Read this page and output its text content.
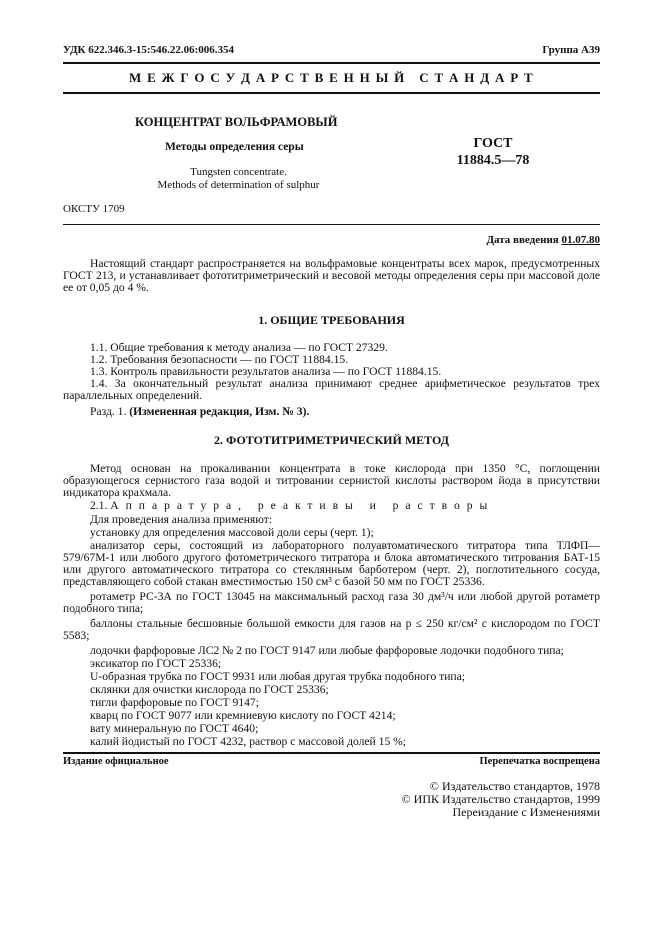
УДК 622.346.3-15:546.22.06:006.354	Группа А39
М Е Ж Г О С У Д А Р С Т В Е Н Н Ы Й   С Т А Н Д А Р Т
КОНЦЕНТРАТ ВОЛЬФРАМОВЫЙ
Методы определения серы
Tungsten concentrate.
Methods of determination of sulphur
ГОСТ
11884.5—78
ОКСТУ 1709
Дата введения 01.07.80
Настоящий стандарт распространяется на вольфрамовые концентраты всех марок, предусмотренных ГОСТ 213, и устанавливает фототитриметрический и весовой методы определения серы при массовой доле ее от 0,05 до 4 %.
1. ОБЩИЕ ТРЕБОВАНИЯ
1.1. Общие требования к методу анализа — по ГОСТ 27329.
1.2. Требования безопасности — по ГОСТ 11884.15.
1.3. Контроль правильности результатов анализа — по ГОСТ 11884.15.
1.4. За окончательный результат анализа принимают среднее арифметическое результатов трех параллельных определений.
Разд. 1. (Измененная редакция, Изм. № 3).
2. ФОТОТИТРИМЕТРИЧЕСКИЙ МЕТОД
Метод основан на прокаливании концентрата в токе кислорода при 1350 °С, поглощении образующегося сернистого газа водой и титровании сернистой кислоты раствором йода в присутствии индикатора крахмала.
2.1. Аппаратура, реактивы и растворы
Для проведения анализа применяют:
установку для определения массовой доли серы (черт. 1);
анализатор серы, состоящий из лабораторного полуавтоматического титратора типа ТЛФП—579/67М-1 или любого другого фотометрического титратора и блока автоматического титрования БАТ-15 или другого автоматического титратора со стеклянным барботером (черт. 2), поглотительного сосуда, представляющего собой стакан вместимостью 150 см³ с базой 50 мм по ГОСТ 25336.
ротаметр РС-3А по ГОСТ 13045 на максимальный расход газа 30 дм³/ч или любой другой ротаметр подобного типа;
баллоны стальные бесшовные большой емкости для газов на р ≤ 250 кг/см² с кислородом по ГОСТ 5583;
лодочки фарфоровые ЛС2 № 2 по ГОСТ 9147 или любые фарфоровые лодочки подобного типа;
эксикатор по ГОСТ 25336;
U-образная трубка по ГОСТ 9931 или любая другая трубка подобного типа;
склянки для очистки кислорода по ГОСТ 25336;
тигли фарфоровые по ГОСТ 9147;
кварц по ГОСТ 9077 или кремниевую кислоту по ГОСТ 4214;
вату минеральную по ГОСТ 4640;
калий йодистый по ГОСТ 4232, раствор с массовой долей 15 %;
Издание официальное	Перепечатка воспрещена
© Издательство стандартов, 1978
© ИПК Издательство стандартов, 1999
Переиздание с Изменениями
